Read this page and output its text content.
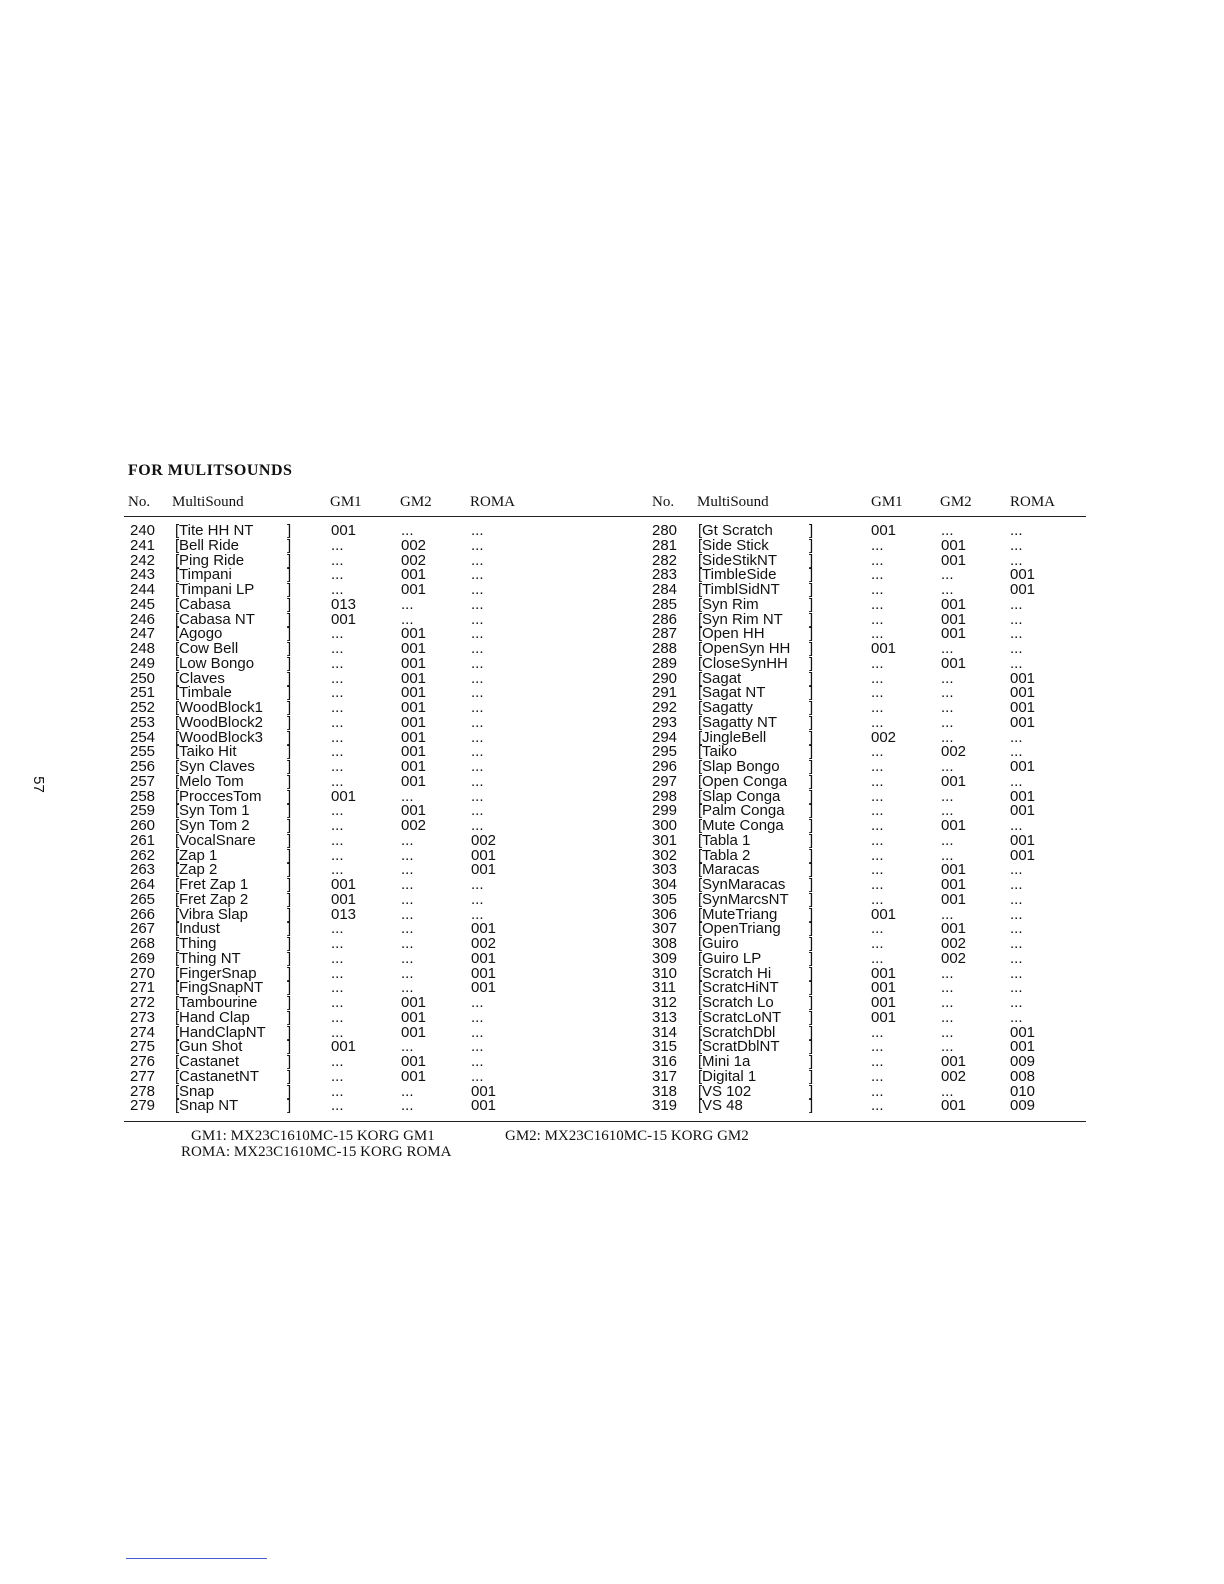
57
FOR MULITSOUNDS
No. MultiSound	GM1	GM2	ROMA	No. MultiSound	GM1 GM2	ROMA
240 Tite HH NT	001	...	...
[	]
241 Bell Ride	...	002	...
[	]
242 Ping Ride	...	002	...
[	]
243 Timpani	...	001	...
[	]
244 Timpani LP	...	001	...
[	]
245 Cabasa	013	...	...
[	]
246 Cabasa NT	001	...	...
[	]
247 Agogo	...	001	...
[	]
248 Cow Bell	...	001	...
[	]
249 Low Bongo	...	001	...
[	]
250 Claves	...	001	...
[	]
251 Timbale	...	001	...
[	]
252 WoodBlock1	...	001	...
[	]
253 WoodBlock2	...	001	...
[	]
254 WoodBlock3	...	001	...
[	]
255 Taiko Hit	...	001	...
[	]
256 Syn Claves	...	001	...
[	]
257 Melo Tom	...	001	...
[	]
258 ProccesTom	001	...	...
[	]
259 Syn Tom 1	...	001	...
[	]
260 Syn Tom 2	...	002	...
[	]
261 VocalSnare	...	...	002
[	]
262 Zap 1	...	...	001
[	]
263 Zap 2	...	...	001
[	]
264 Fret Zap 1	001	...	...
[	]
265 Fret Zap 2	001	...	...
[	]
266 Vibra Slap	013	...	...
[	]
267 Indust	...	...	001
[	]
268 Thing	...	...	002
[	]
269 Thing NT	...	...	001
[	]
270 FingerSnap	...	...	001
[	]
271 FingSnapNT	...	...	001
[	]
272 Tambourine	...	001	...
[	]
273 Hand Clap	...	001	...
[	]
274 HandClapNT	...	001	...
[	]
275 Gun Shot	001	...	...
[	]
276 Castanet	...	001	...
[	]
277 CastanetNT	...	001	...
[	]
278 Snap	...	...	001
[	]
279 Snap NT	...	...	001
[	]
280 Gt Scratch	001	...	...
[	]
281 Side Stick	...	001	...
[	]
282 SideStikNT	...	001	...
[	]
283 TimbleSide	...	...	001
[	]
284 TimblSidNT	...	...	001
[	]
285 Syn Rim	...	001	...
[	]
286 Syn Rim NT	...	001	...
[	]
287 Open HH	...	001	...
[	]
288 OpenSyn HH	001	...	...
[	]
289 CloseSynHH	...	001	...
[	]
290 Sagat	...	...	001
[	]
291 Sagat NT	...	...	001
[	]
292 Sagatty	...	...	001
[	]
293 Sagatty NT	...	...	001
[	]
294 JingleBell	002	...	...
[	]
295 Taiko	...	002	...
[	]
296 Slap Bongo	...	...	001
[	]
297 Open Conga	...	001	...
[	]
298 Slap Conga	...	...	001
[	]
299 Palm Conga	...	...	001
[	]
300 Mute Conga	...	001	...
[	]
301 Tabla 1	...	...	001
[	]
302 Tabla 2	...	...	001
[	]
303 Maracas	...	001	...
[	]
304 SynMaracas	...	001	...
[	]
305 SynMarcsNT	...	001	...
[	]
306 MuteTriang	001	...	...
[	]
307 OpenTriang	...	001	...
[	]
308 Guiro	...	002	...
[	]
309 Guiro LP	...	002	...
[	]
310 Scratch Hi	001	...	...
[	]
311 ScratcHiNT	001	...	...
[	]
312 Scratch Lo	001	...	...
[	]
313 ScratcLoNT	001	...	...
[	]
314 ScratchDbl	...	...	001
[	]
315 ScratDblNT	...	...	001
[	]
316 Mini 1a	...	001	009
[	]
317 Digital 1	...	002	008
[	]
318 VS 102	...	...	010
[	]
319 VS 48	...	001	009
[	]
GM1: MX23C1610MC-15 KORG GM1	GM2: MX23C1610MC-15 KORG GM2
ROMA: MX23C1610MC-15 KORG ROMA
